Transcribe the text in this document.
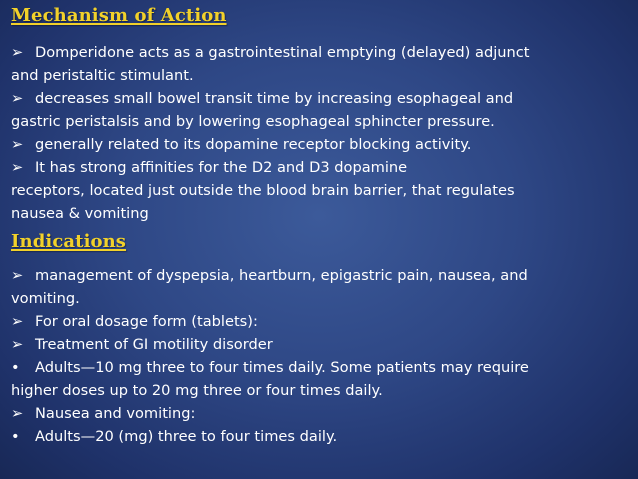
Mechanism of Action

➢ Domperidone acts as a gastrointestinal emptying (delayed) adjunct
and peristaltic stimulant.

➢ decreases small bowel transit time by increasing esophageal and
gastric peristalsis and by lowering esophageal sphincter pressure.

➢ generally related to its dopamine receptor blocking activity.

➢ It has strong affinities for the D2 and D3 dopamine
receptors, located just outside the blood brain barrier, that regulates
nausea & vomiting

Indications

➢ management of dyspepsia, heartburn, epigastric pain, nausea, and
vomiting.

➢ For oral dosage form (tablets):

➢ Treatment of GI motility disorder

• Adults—10 mg three to four times daily. Some patients may require
higher doses up to 20 mg three or four times daily.

➢ Nausea and vomiting:

• Adults—20 (mg) three to four times daily.
